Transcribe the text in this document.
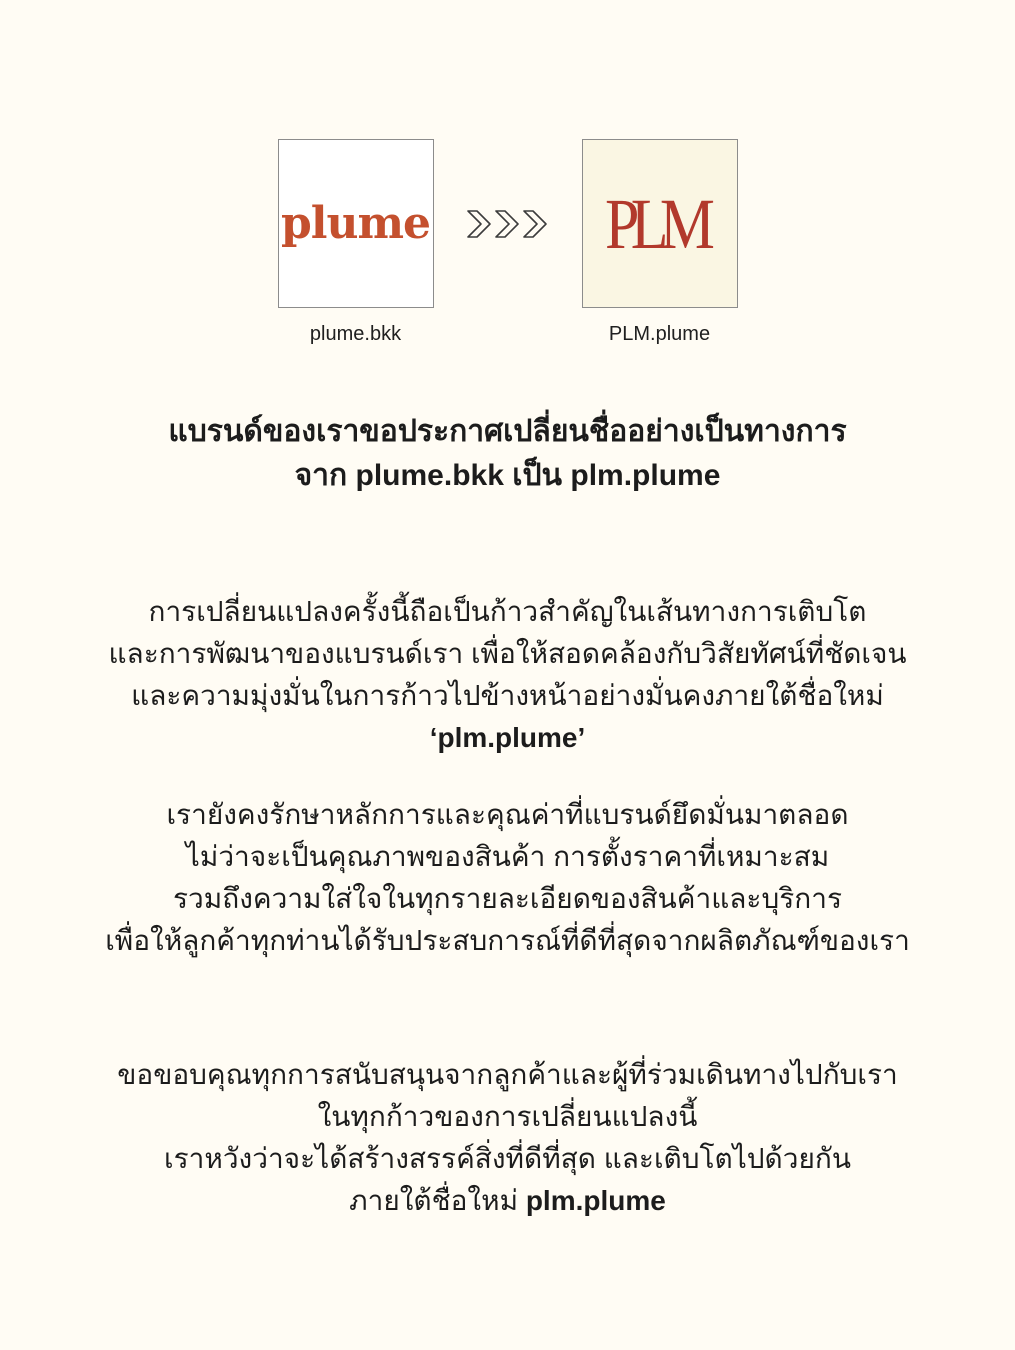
plume PLM
plume.bkk	PLM.plume
แบรนด์ของเราขอประกาศเปลี่ยนชื่ออย่างเป็นทางการ
จาก plume.bkk เป็น plm.plume
การเปลี่ยนแปลงครั้งนี้ถือเป็นก้าวสำคัญในเส้นทางการเติบโต
และการพัฒนาของแบรนด์เรา เพื่อให้สอดคล้องกับวิสัยทัศน์ที่ชัดเจน
และความมุ่งมั่นในการก้าวไปข้างหน้าอย่างมั่นคงภายใต้ชื่อใหม่
‘plm.plume’
เรายังคงรักษาหลักการและคุณค่าที่แบรนด์ยึดมั่นมาตลอด
ไม่ว่าจะเป็นคุณภาพของสินค้า การตั้งราคาที่เหมาะสม
รวมถึงความใส่ใจในทุกรายละเอียดของสินค้าและบุริการ
เพื่อให้ลูกค้าทุกท่านได้รับประสบการณ์ที่ดีที่สุดจากผลิตภัณฑ์ของเรา
ขอขอบคุณทุกการสนับสนุนจากลูกค้าและผู้ที่ร่วมเดินทางไปกับเรา
ในทุกก้าวของการเปลี่ยนแปลงนี้
เราหวังว่าจะได้สร้างสรรค์สิ่งที่ดีที่สุด และเติบโตไปด้วยกัน
ภายใต้ชื่อใหม่ plm.plume
